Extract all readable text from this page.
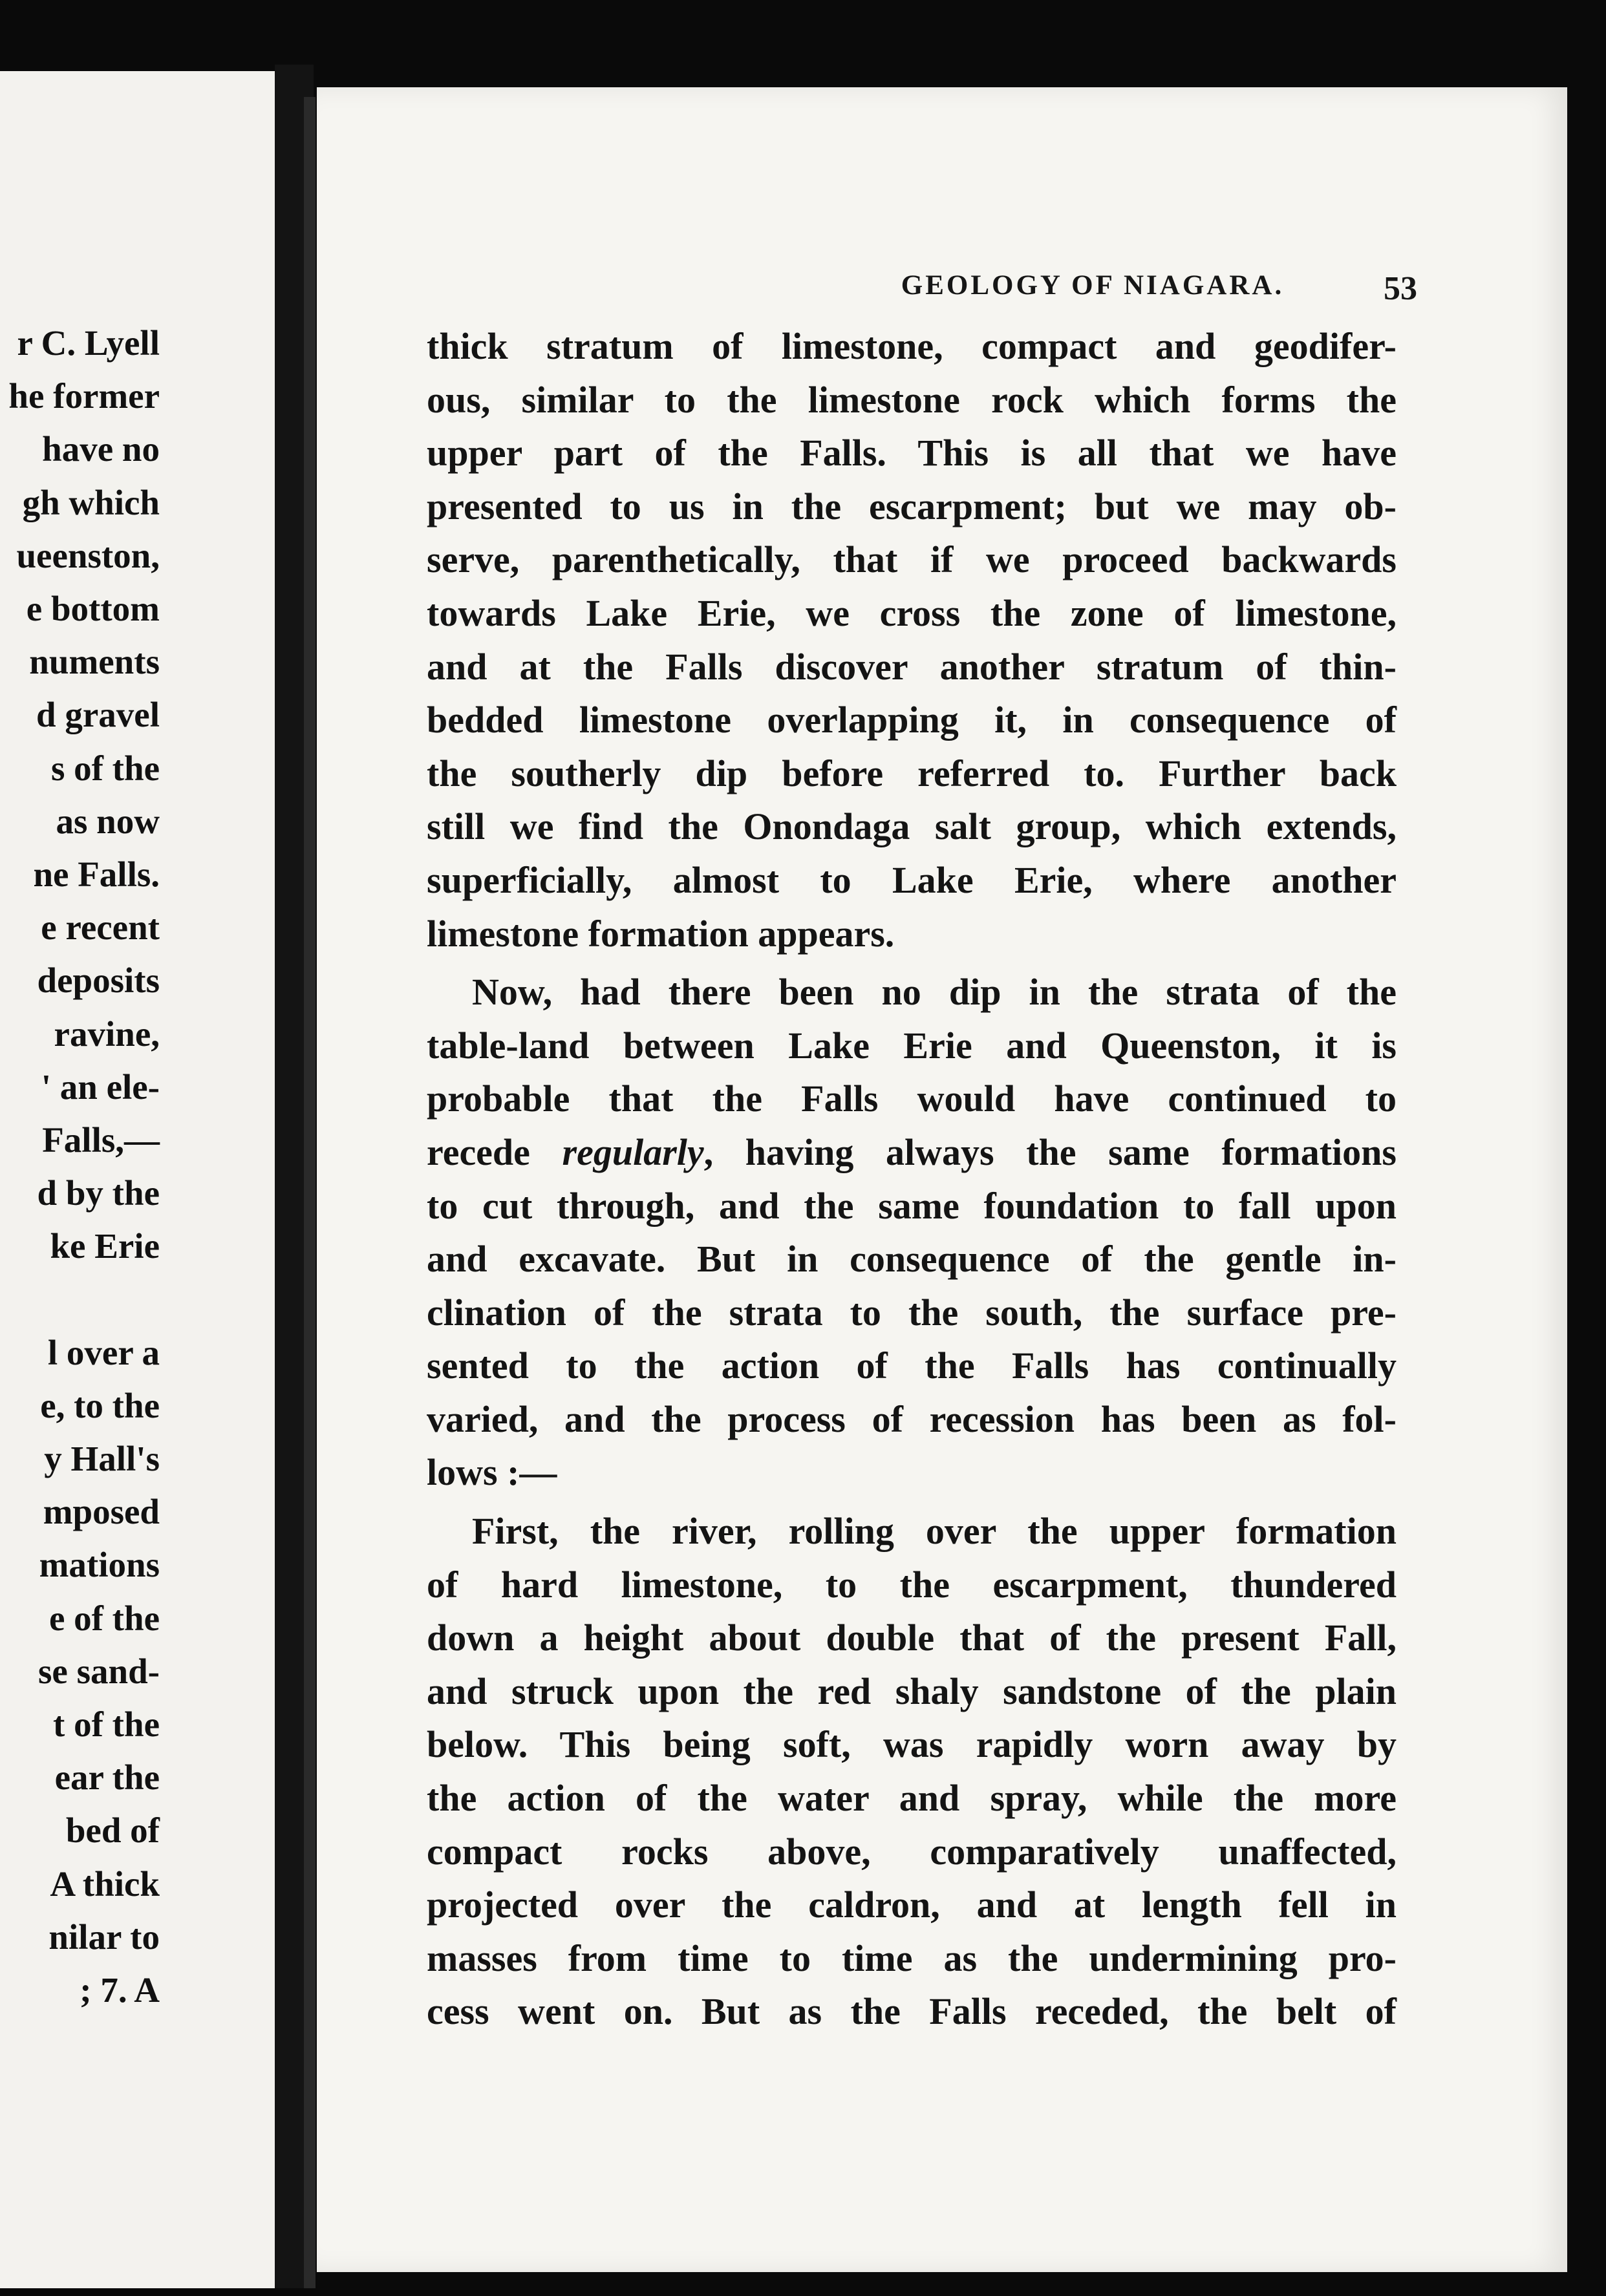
r C. Lyell
he former
have no
gh which
ueenston,
e bottom
numents
d gravel
s of the
as now
ne Falls.
e recent
deposits
ravine,
' an ele-
Falls,—
d by the
ke Erie

l over a
e, to the
y Hall's
mposed
mations
e of the
se sand-
t of the
ear the
bed of
A thick
nilar to
; 7. A
GEOLOGY OF NIAGARA.	53
thick stratum of limestone, compact and geodifer-
ous, similar to the limestone rock which forms the
upper part of the Falls. This is all that we have
presented to us in the escarpment; but we may ob-
serve, parenthetically, that if we proceed backwards
towards Lake Erie, we cross the zone of limestone,
and at the Falls discover another stratum of thin-
bedded limestone overlapping it, in consequence of
the southerly dip before referred to. Further back
still we find the Onondaga salt group, which extends,
superficially, almost to Lake Erie, where another
limestone formation appears.
Now, had there been no dip in the strata of the
table-land between Lake Erie and Queenston, it is
probable that the Falls would have continued to
recede regularly, having always the same formations
to cut through, and the same foundation to fall upon
and excavate. But in consequence of the gentle in-
clination of the strata to the south, the surface pre-
sented to the action of the Falls has continually
varied, and the process of recession has been as fol-
lows :—
First, the river, rolling over the upper formation
of hard limestone, to the escarpment, thundered
down a height about double that of the present Fall,
and struck upon the red shaly sandstone of the plain
below. This being soft, was rapidly worn away by
the action of the water and spray, while the more
compact rocks above, comparatively unaffected,
projected over the caldron, and at length fell in
masses from time to time as the undermining pro-
cess went on. But as the Falls receded, the belt of
